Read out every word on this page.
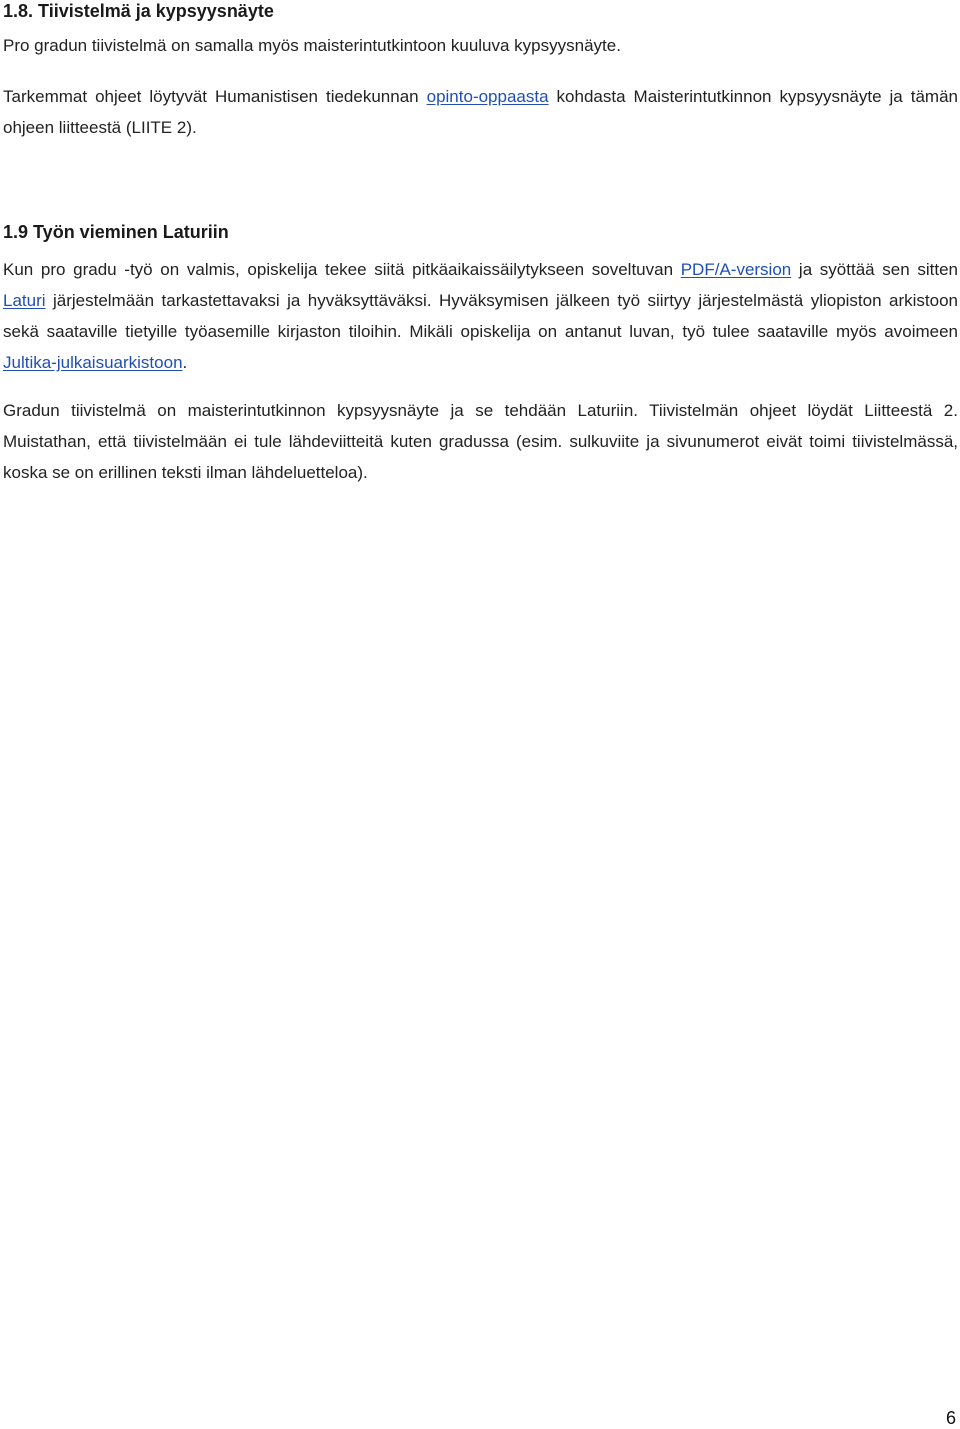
1.8. Tiivistelmä ja kypsyysnäyte

Pro gradun tiivistelmä on samalla myös maisterintutkintoon kuuluva kypsyysnäyte.

Tarkemmat ohjeet löytyvät Humanistisen tiedekunnan opinto-oppaasta kohdasta Maisterintutkinnon kypsyysnäyte ja tämän ohjeen liitteestä (LIITE 2).

1.9 Työn vieminen Laturiin

Kun pro gradu -työ on valmis, opiskelija tekee siitä pitkäaikaissäilytykseen soveltuvan PDF/A-version ja syöttää sen sitten Laturi järjestelmään tarkastettavaksi ja hyväksyttäväksi. Hyväksymisen jälkeen työ siirtyy järjestelmästä yliopiston arkistoon sekä saataville tietyille työasemille kirjaston tiloihin. Mikäli opiskelija on antanut luvan, työ tulee saataville myös avoimeen Jultika-julkaisuarkistoon.

Gradun tiivistelmä on maisterintutkinnon kypsyysnäyte ja se tehdään Laturiin. Tiivistelmän ohjeet löydät Liitteestä 2. Muistathan, että tiivistelmään ei tule lähdeviitteitä kuten gradussa (esim. sulkuviite ja sivunumerot eivät toimi tiivistelmässä, koska se on erillinen teksti ilman lähdeluetteloa).

6
